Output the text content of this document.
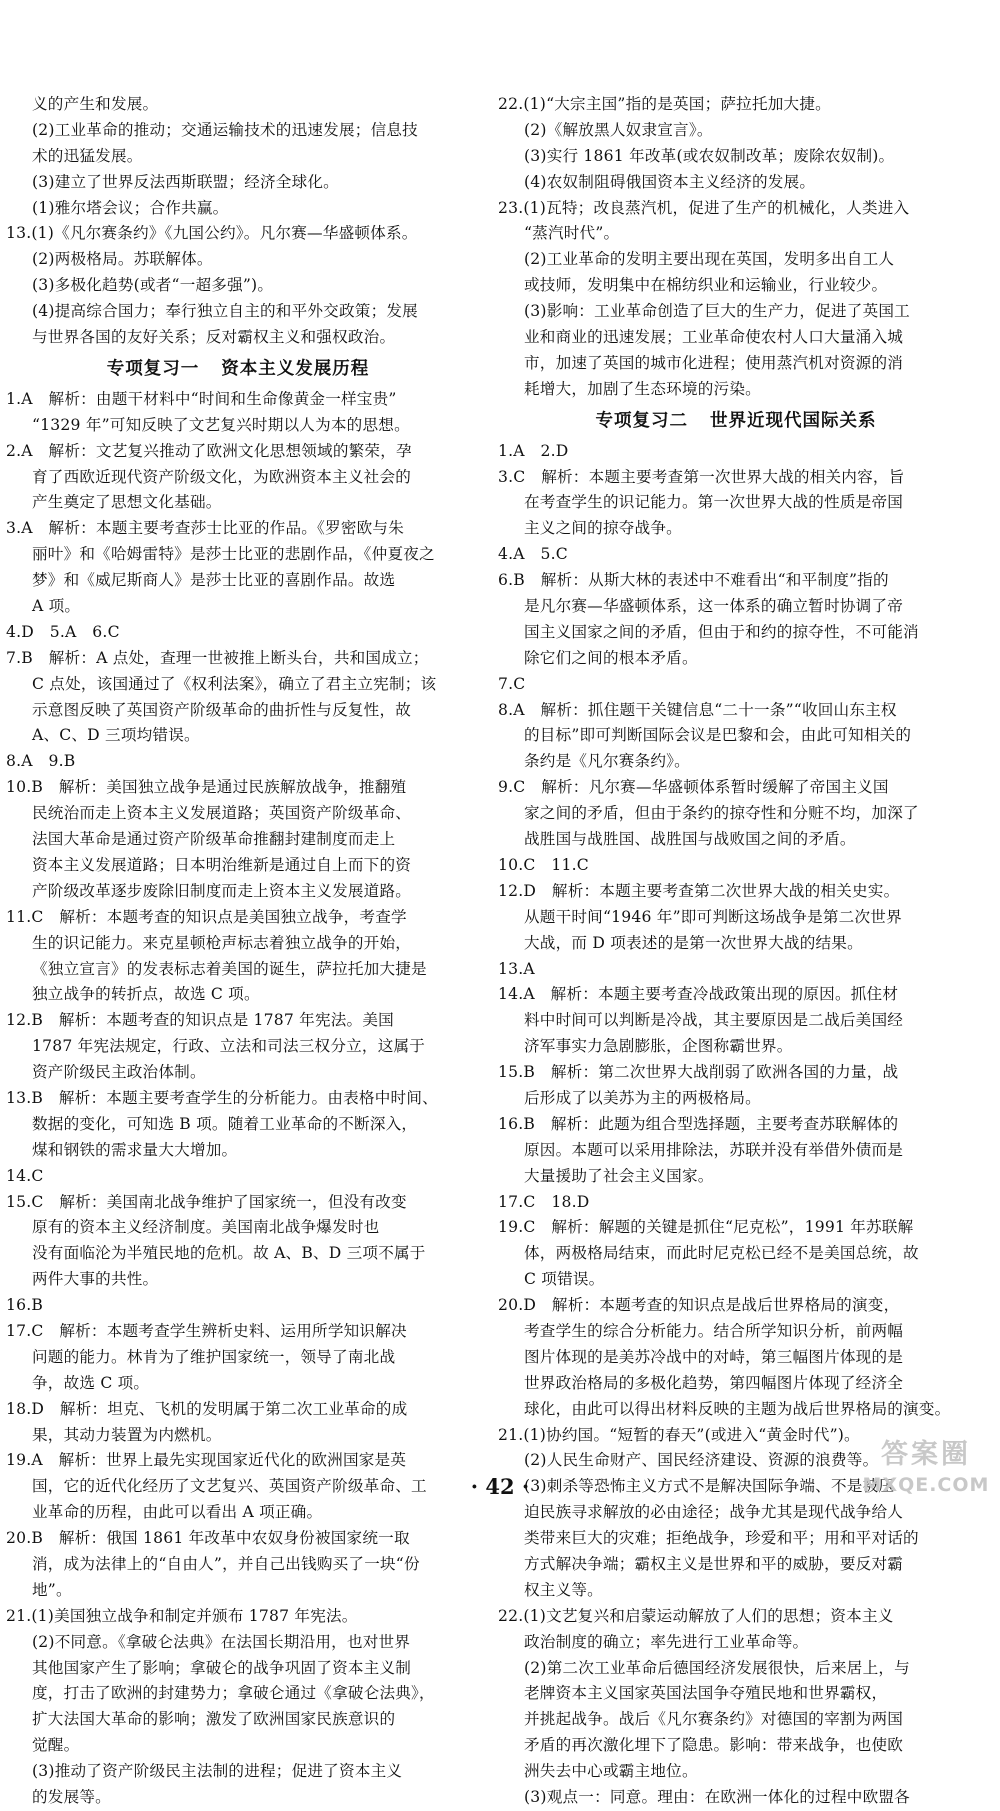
义的产生和发展。
(2)工业革命的推动；交通运输技术的迅速发展；信息技
术的迅猛发展。
(3)建立了世界反法西斯联盟；经济全球化。
(1)雅尔塔会议；合作共赢。
13.(1)《凡尔赛条约》《九国公约》。凡尔赛—华盛顿体系。
(2)两极格局。苏联解体。
(3)多极化趋势(或者“一超多强”)。
(4)提高综合国力；奉行独立自主的和平外交政策；发展
与世界各国的友好关系；反对霸权主义和强权政治。
专项复习一 资本主义发展历程
1.A　解析：由题干材料中“时间和生命像黄金一样宝贵”
“1329 年”可知反映了文艺复兴时期以人为本的思想。
2.A　解析：文艺复兴推动了欧洲文化思想领域的繁荣，孕
育了西欧近现代资产阶级文化，为欧洲资本主义社会的
产生奠定了思想文化基础。
3.A　解析：本题主要考查莎士比亚的作品。《罗密欧与朱
丽叶》和《哈姆雷特》是莎士比亚的悲剧作品，《仲夏夜之
梦》和《威尼斯商人》是莎士比亚的喜剧作品。故选
A 项。
4.D　5.A　6.C
7.B　解析：A 点处，查理一世被推上断头台，共和国成立；
C 点处，该国通过了《权利法案》，确立了君主立宪制；该
示意图反映了英国资产阶级革命的曲折性与反复性，故
A、C、D 三项均错误。
8.A　9.B
10.B　解析：美国独立战争是通过民族解放战争，推翻殖
民统治而走上资本主义发展道路；英国资产阶级革命、
法国大革命是通过资产阶级革命推翻封建制度而走上
资本主义发展道路；日本明治维新是通过自上而下的资
产阶级改革逐步废除旧制度而走上资本主义发展道路。
11.C　解析：本题考查的知识点是美国独立战争，考查学
生的识记能力。来克星顿枪声标志着独立战争的开始，
《独立宣言》的发表标志着美国的诞生，萨拉托加大捷是
独立战争的转折点，故选 C 项。
12.B　解析：本题考查的知识点是 1787 年宪法。美国
1787 年宪法规定，行政、立法和司法三权分立，这属于
资产阶级民主政治体制。
13.B　解析：本题主要考查学生的分析能力。由表格中时间、
数据的变化，可知选 B 项。随着工业革命的不断深入，
煤和钢铁的需求量大大增加。
14.C
15.C　解析：美国南北战争维护了国家统一，但没有改变
原有的资本主义经济制度。美国南北战争爆发时也
没有面临沦为半殖民地的危机。故 A、B、D 三项不属于
两件大事的共性。
16.B
17.C　解析：本题考查学生辨析史料、运用所学知识解决
问题的能力。林肯为了维护国家统一，领导了南北战
争，故选 C 项。
18.D　解析：坦克、飞机的发明属于第二次工业革命的成
果，其动力装置为内燃机。
19.A　解析：世界上最先实现国家近代化的欧洲国家是英
国，它的近代化经历了文艺复兴、英国资产阶级革命、工
业革命的历程，由此可以看出 A 项正确。
20.B　解析：俄国 1861 年改革中农奴身份被国家统一取
消，成为法律上的“自由人”，并自己出钱购买了一块“份
地”。
21.(1)美国独立战争和制定并颁布 1787 年宪法。
(2)不同意。《拿破仑法典》在法国长期沿用，也对世界
其他国家产生了影响；拿破仑的战争巩固了资本主义制
度，打击了欧洲的封建势力；拿破仑通过《拿破仑法典》，
扩大法国大革命的影响；激发了欧洲国家民族意识的
觉醒。
(3)推动了资产阶级民主法制的进程；促进了资本主义
的发展等。
22.(1)“大宗主国”指的是英国；萨拉托加大捷。
(2)《解放黑人奴隶宣言》。
(3)实行 1861 年改革(或农奴制改革；废除农奴制)。
(4)农奴制阻碍俄国资本主义经济的发展。
23.(1)瓦特；改良蒸汽机，促进了生产的机械化，人类进入
“蒸汽时代”。
(2)工业革命的发明主要出现在英国，发明多出自工人
或技师，发明集中在棉纺织业和运输业，行业较少。
(3)影响：工业革命创造了巨大的生产力，促进了英国工
业和商业的迅速发展；工业革命使农村人口大量涌入城
市，加速了英国的城市化进程；使用蒸汽机对资源的消
耗增大，加剧了生态环境的污染。
专项复习二 世界近现代国际关系
1.A　2.D
3.C　解析：本题主要考查第一次世界大战的相关内容，旨
在考查学生的识记能力。第一次世界大战的性质是帝国
主义之间的掠夺战争。
4.A　5.C
6.B　解析：从斯大林的表述中不难看出“和平制度”指的
是凡尔赛—华盛顿体系，这一体系的确立暂时协调了帝
国主义国家之间的矛盾，但由于和约的掠夺性，不可能消
除它们之间的根本矛盾。
7.C
8.A　解析：抓住题干关键信息“二十一条”“收回山东主权
的目标”即可判断国际会议是巴黎和会，由此可知相关的
条约是《凡尔赛条约》。
9.C　解析：凡尔赛—华盛顿体系暂时缓解了帝国主义国
家之间的矛盾，但由于条约的掠夺性和分赃不均，加深了
战胜国与战胜国、战胜国与战败国之间的矛盾。
10.C　11.C
12.D　解析：本题主要考查第二次世界大战的相关史实。
从题干时间“1946 年”即可判断这场战争是第二次世界
大战，而 D 项表述的是第一次世界大战的结果。
13.A
14.A　解析：本题主要考查冷战政策出现的原因。抓住材
料中时间可以判断是冷战，其主要原因是二战后美国经
济军事实力急剧膨胀，企图称霸世界。
15.B　解析：第二次世界大战削弱了欧洲各国的力量，战
后形成了以美苏为主的两极格局。
16.B　解析：此题为组合型选择题，主要考查苏联解体的
原因。本题可以采用排除法，苏联并没有举借外债而是
大量援助了社会主义国家。
17.C　18.D
19.C　解析：解题的关键是抓住“尼克松”，1991 年苏联解
体，两极格局结束，而此时尼克松已经不是美国总统，故
C 项错误。
20.D　解析：本题考查的知识点是战后世界格局的演变，
考查学生的综合分析能力。结合所学知识分析，前两幅
图片体现的是美苏冷战中的对峙，第三幅图片体现的是
世界政治格局的多极化趋势，第四幅图片体现了经济全
球化，由此可以得出材料反映的主题为战后世界格局的演变。
21.(1)协约国。“短暂的春天”(或进入“黄金时代”)。
(2)人民生命财产、国民经济建设、资源的浪费等。
(3)刺杀等恐怖主义方式不是解决国际争端、不是被压
迫民族寻求解放的必由途径；战争尤其是现代战争给人
类带来巨大的灾难；拒绝战争，珍爱和平；用和平对话的
方式解决争端；霸权主义是世界和平的威胁，要反对霸
权主义等。
22.(1)文艺复兴和启蒙运动解放了人们的思想；资本主义
政治制度的确立；率先进行工业革命等。
(2)第二次工业革命后德国经济发展很快，后来居上，与
老牌资本主义国家英国法国争夺殖民地和世界霸权，
并挑起战争。战后《凡尔赛条约》对德国的宰割为两国
矛盾的再次激化埋下了隐患。影响：带来战争，也使欧
洲失去中心或霸主地位。
(3)观点一：同意。理由：在欧洲一体化的过程中欧盟各
· 42 ·
答案圈
MXQE.COM
